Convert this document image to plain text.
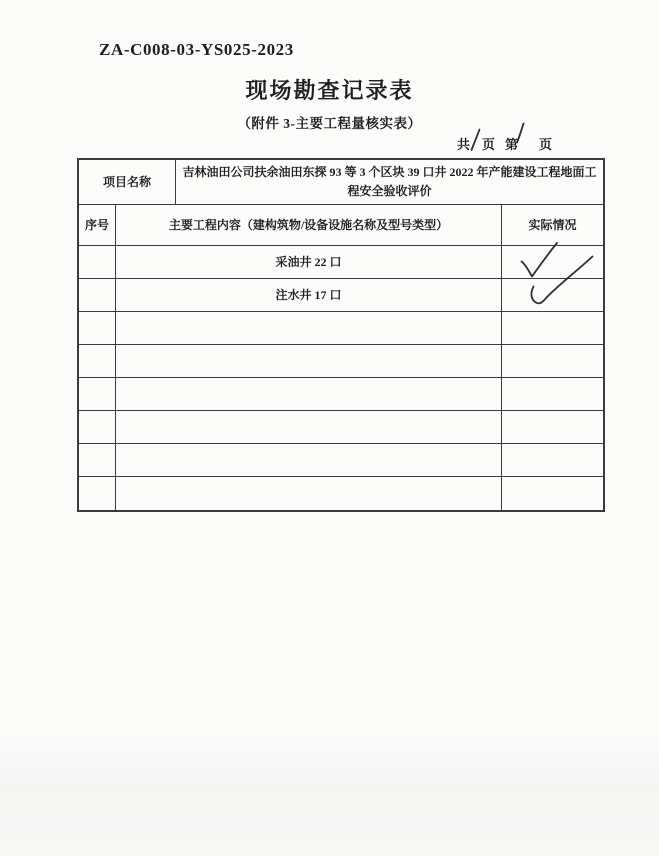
ZA-C008-03-YS025-2023
现场勘查记录表
（附件 3-主要工程量核实表）
共 页 第 页
项目名称
吉林油田公司扶余油田东探 93 等 3 个区块 39 口井 2022 年产能建设工程地面工程安全验收评价
序号	主要工程内容（建构筑物/设备设施名称及型号类型）	实际情况
采油井 22 口
注水井 17 口
